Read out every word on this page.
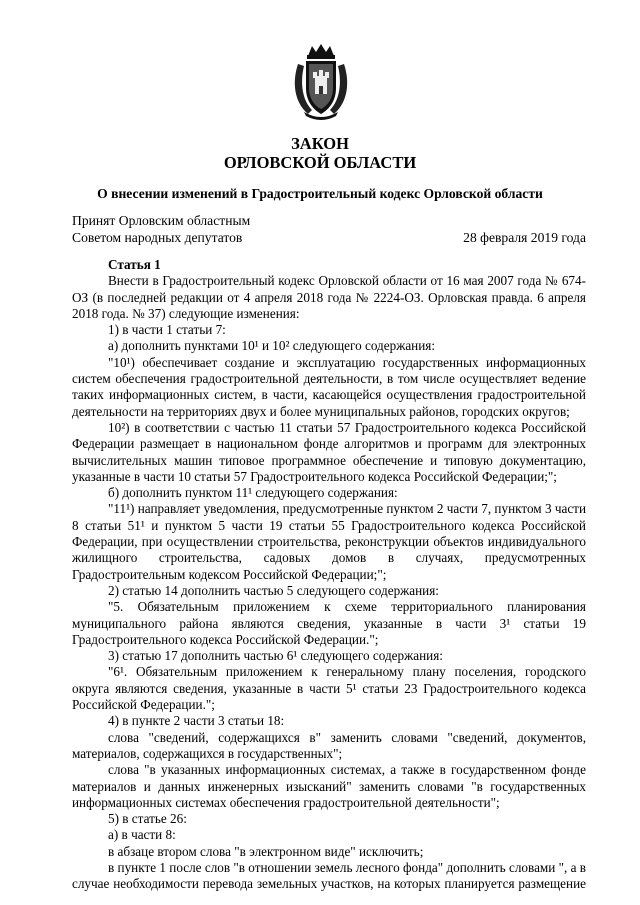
ЗАКОН
ОРЛОВСКОЙ ОБЛАСТИ
О внесении изменений в Градостроительный кодекс Орловской области
Принят Орловским областным
Советом народных депутатов	28 февраля 2019 года
Статья 1

Внести в Градостроительный кодекс Орловской области от 16 мая 2007 года № 674-ОЗ (в последней редакции от 4 апреля 2018 года № 2224-ОЗ. Орловская правда. 6 апреля 2018 года. № 37) следующие изменения:

1) в части 1 статьи 7:

а) дополнить пунктами 10¹ и 10² следующего содержания:

"10¹) обеспечивает создание и эксплуатацию государственных информационных систем обеспечения градостроительной деятельности, в том числе осуществляет ведение таких информационных систем, в части, касающейся осуществления градостроительной деятельности на территориях двух и более муниципальных районов, городских округов;

10²) в соответствии с частью 11 статьи 57 Градостроительного кодекса Российской Федерации размещает в национальном фонде алгоритмов и программ для электронных вычислительных машин типовое программное обеспечение и типовую документацию, указанные в части 10 статьи 57 Градостроительного кодекса Российской Федерации;";

б) дополнить пунктом 11¹ следующего содержания:

"11¹) направляет уведомления, предусмотренные пунктом 2 части 7, пунктом 3 части 8 статьи 51¹ и пунктом 5 части 19 статьи 55 Градостроительного кодекса Российской Федерации, при осуществлении строительства, реконструкции объектов индивидуального жилищного строительства, садовых домов в случаях, предусмотренных Градостроительным кодексом Российской Федерации;";

2) статью 14 дополнить частью 5 следующего содержания:

"5. Обязательным приложением к схеме территориального планирования муниципального района являются сведения, указанные в части 3¹ статьи 19 Градостроительного кодекса Российской Федерации.";

3) статью 17 дополнить частью 6¹ следующего содержания:

"6¹. Обязательным приложением к генеральному плану поселения, городского округа являются сведения, указанные в части 5¹ статьи 23 Градостроительного кодекса Российской Федерации.";

4) в пункте 2 части 3 статьи 18:

слова "сведений, содержащихся в" заменить словами "сведений, документов, материалов, содержащихся в государственных";

слова "в указанных информационных системах, а также в государственном фонде материалов и данных инженерных изысканий" заменить словами "в государственных информационных системах обеспечения градостроительной деятельности";

5) в статье 26:

а) в части 8:

в абзаце втором слова "в электронном виде" исключить;

в пункте 1 после слов "в отношении земель лесного фонда" дополнить словами ", а в случае необходимости перевода земельных участков, на которых планируется размещение
